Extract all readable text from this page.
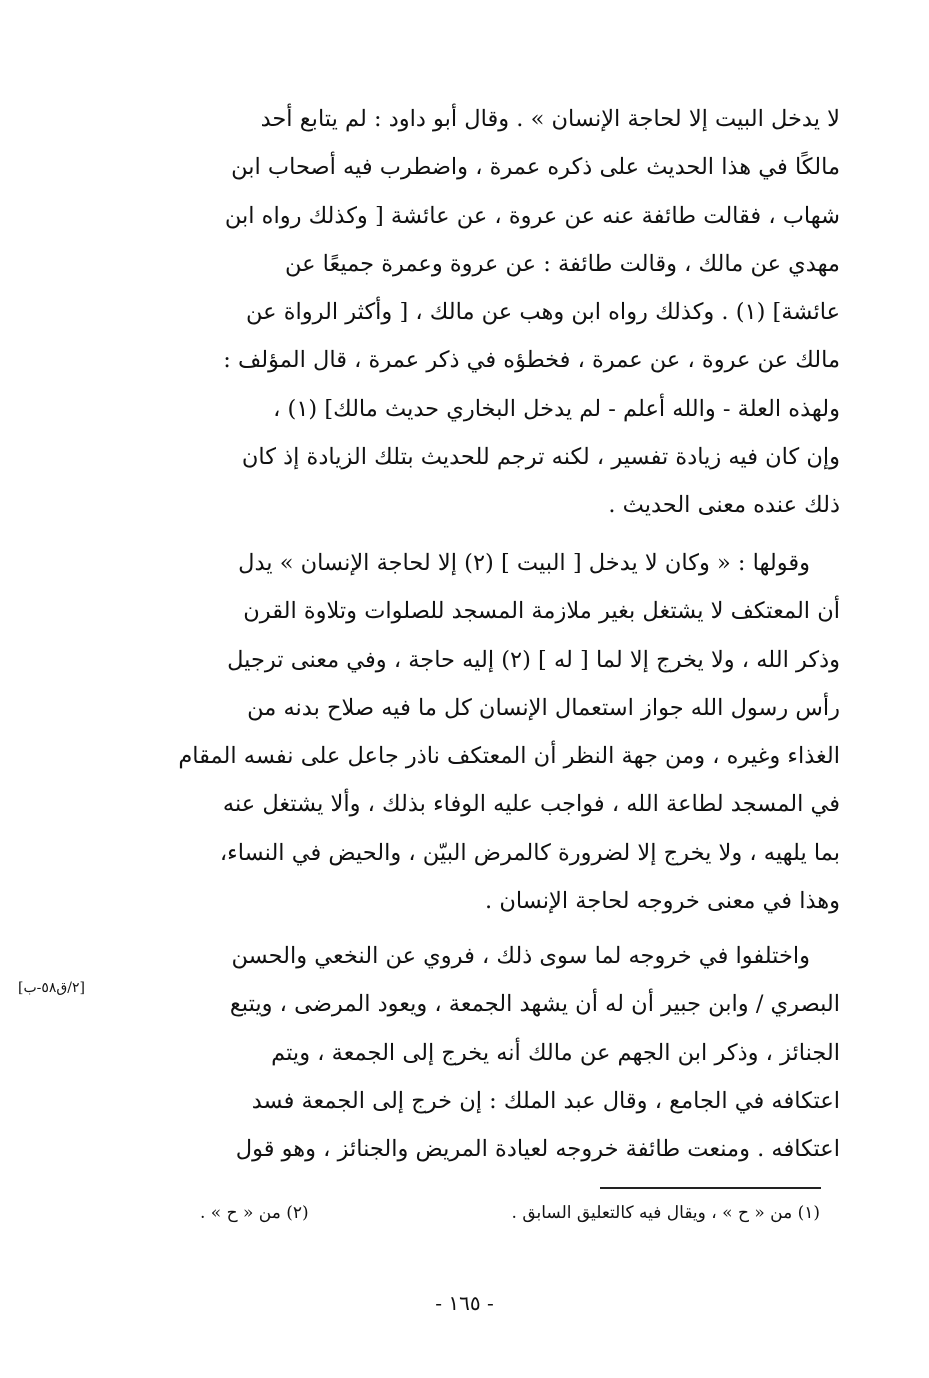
لا يدخل البيت إلا لحاجة الإنسان » . وقال أبو داود : لم يتابع أحد
مالكًا في هذا الحديث على ذكره عمرة ، واضطرب فيه أصحاب ابن
شهاب ، فقالت طائفة عنه عن عروة ، عن عائشة [ وكذلك رواه ابن
مهدي عن مالك ، وقالت طائفة : عن عروة وعمرة جميعًا عن
عائشة] (١) . وكذلك رواه ابن وهب عن مالك ، [ وأكثر الرواة عن
مالك عن عروة ، عن عمرة ، فخطؤه في ذكر عمرة ، قال المؤلف :
ولهذه العلة - والله أعلم - لم يدخل البخاري حديث مالك] (١) ،
وإن كان فيه زيادة تفسير ، لكنه ترجم للحديث بتلك الزيادة إذ كان
ذلك عنده معنى الحديث .
وقولها : « وكان لا يدخل [ البيت ] (٢) إلا لحاجة الإنسان » يدل
أن المعتكف لا يشتغل بغير ملازمة المسجد للصلوات وتلاوة القرن
وذكر الله ، ولا يخرج إلا لما [ له ] (٢) إليه حاجة ، وفي معنى ترجيل
رأس رسول الله جواز استعمال الإنسان كل ما فيه صلاح بدنه من
الغذاء وغيره ، ومن جهة النظر أن المعتكف ناذر جاعل على نفسه المقام
في المسجد لطاعة الله ، فواجب عليه الوفاء بذلك ، وألا يشتغل عنه
بما يلهيه ، ولا يخرج إلا لضرورة كالمرض البيّن ، والحيض في النساء،
وهذا في معنى خروجه لحاجة الإنسان .
واختلفوا في خروجه لما سوى ذلك ، فروي عن النخعي والحسن
البصري / وابن جبير أن له أن يشهد الجمعة ، ويعود المرضى ، ويتبع
الجنائز ، وذكر ابن الجهم عن مالك أنه يخرج إلى الجمعة ، ويتم
اعتكافه في الجامع ، وقال عبد الملك : إن خرج إلى الجمعة فسد
اعتكافه . ومنعت طائفة خروجه لعيادة المريض والجنائز ، وهو قول
[٢/ق٥٨-ب]
(١) من « ح » ، ويقال فيه كالتعليق السابق .
(٢) من « ح » .
- ١٦٥ -
